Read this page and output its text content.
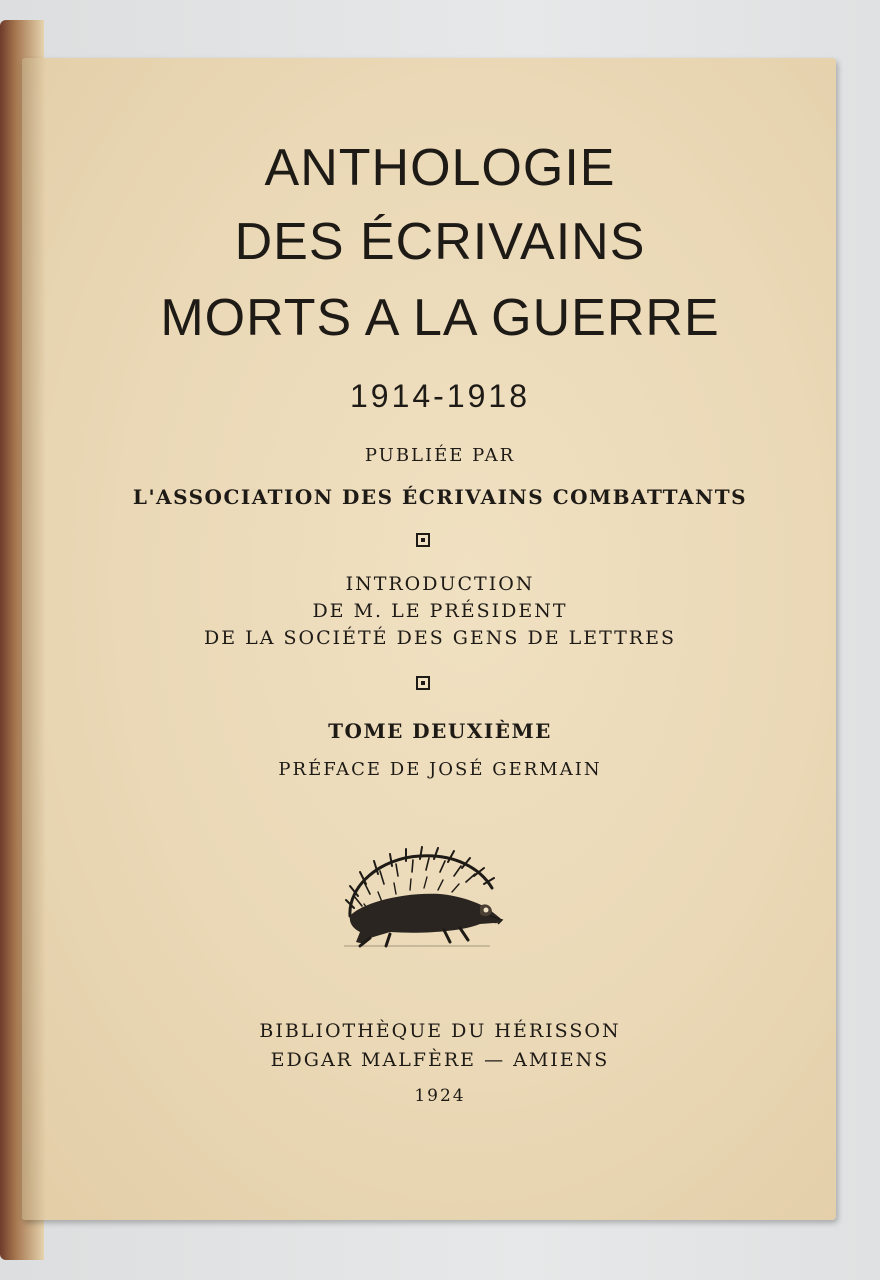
ANTHOLOGIE
DES ÉCRIVAINS
MORTS A LA GUERRE
1914-1918
PUBLIÉE PAR
L'ASSOCIATION DES ÉCRIVAINS COMBATTANTS
INTRODUCTION
DE M. LE PRÉSIDENT
DE LA SOCIÉTÉ DES GENS DE LETTRES
TOME DEUXIÈME
PRÉFACE DE JOSÉ GERMAIN
BIBLIOTHÈQUE DU HÉRISSON
EDGAR MALFÈRE — AMIENS
1924
